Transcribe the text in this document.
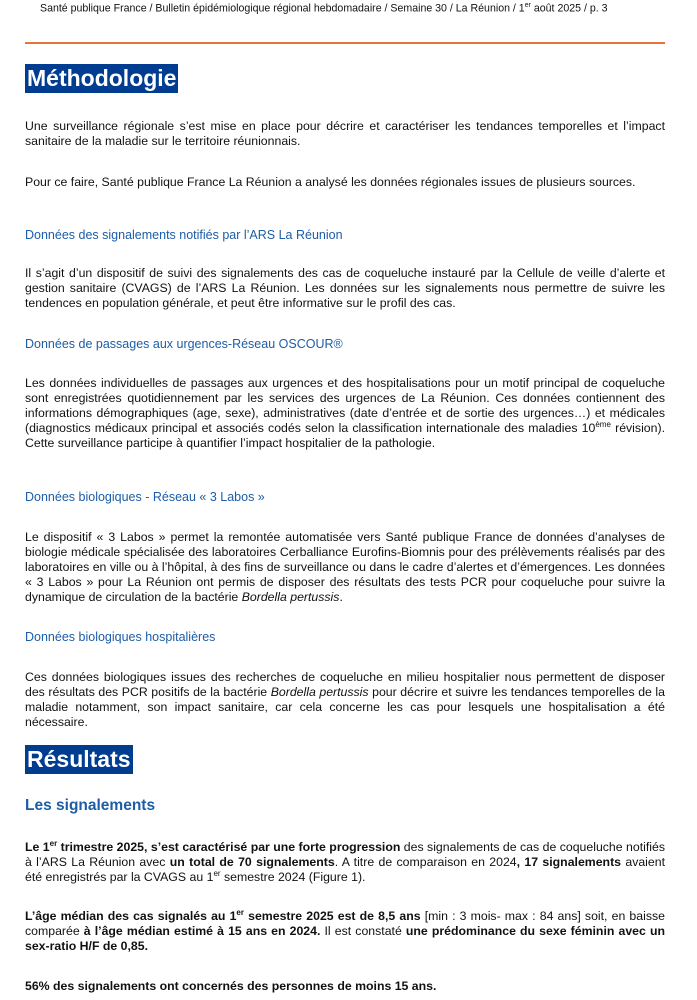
Santé publique France / Bulletin épidémiologique régional hebdomadaire / Semaine 30 / La Réunion / 1er août 2025 / p. 3
Méthodologie
Une surveillance régionale s’est mise en place pour décrire et caractériser les tendances temporelles et l’impact sanitaire de la maladie sur le territoire réunionnais.
Pour ce faire, Santé publique France La Réunion a analysé les données régionales issues de plusieurs sources.
Données des signalements notifiés par l’ARS La Réunion
Il s’agit d’un dispositif de suivi des signalements des cas de coqueluche instauré par la Cellule de veille d’alerte et gestion sanitaire (CVAGS) de l’ARS La Réunion. Les données sur les signalements nous permettre de suivre les tendences en population générale, et peut être informative sur le profil des cas.
Données de passages aux urgences-Réseau OSCOUR®
Les données individuelles de passages aux urgences et des hospitalisations pour un motif principal de coqueluche sont enregistrées quotidiennement par les services des urgences de La Réunion. Ces données contiennent des informations démographiques (age, sexe), administratives (date d’entrée et de sortie des urgences…) et médicales (diagnostics médicaux principal et associés codés selon la classification internationale des maladies 10ème révision). Cette surveillance participe à quantifier l’impact hospitalier de la pathologie.
Données biologiques - Réseau « 3 Labos »
Le dispositif « 3 Labos » permet la remontée automatisée vers Santé publique France de données d’analyses de biologie médicale spécialisée des laboratoires Cerballiance Eurofins-Biomnis pour des prélèvements réalisés par des laboratoires en ville ou à l’hôpital, à des fins de surveillance ou dans le cadre d’alertes et d’émergences. Les données « 3 Labos » pour La Réunion ont permis de disposer des résultats des tests PCR pour coqueluche pour suivre la dynamique de circulation de la bactérie Bordella pertussis.
Données biologiques hospitalières
Ces données biologiques issues des recherches de coqueluche en milieu hospitalier nous permettent de disposer des résultats des PCR positifs de la bactérie Bordella pertussis pour décrire et suivre les tendances temporelles de la maladie notamment, son impact sanitaire, car cela concerne les cas pour lesquels une hospitalisation a été nécessaire.
Résultats
Les signalements
Le 1er trimestre 2025, s’est caractérisé par une forte progression des signalements de cas de coqueluche notifiés à l’ARS La Réunion avec un total de 70 signalements. A titre de comparaison en 2024, 17 signalements avaient été enregistrés par la CVAGS au 1er semestre 2024 (Figure 1).
L’âge médian des cas signalés au 1er semestre 2025 est de 8,5 ans [min : 3 mois- max : 84 ans] soit, en baisse comparée à l’âge médian estimé à 15 ans en 2024. Il est constaté une prédominance du sexe féminin avec un sex-ratio H/F de 0,85.
56% des signalements ont concernés des personnes de moins 15 ans.
